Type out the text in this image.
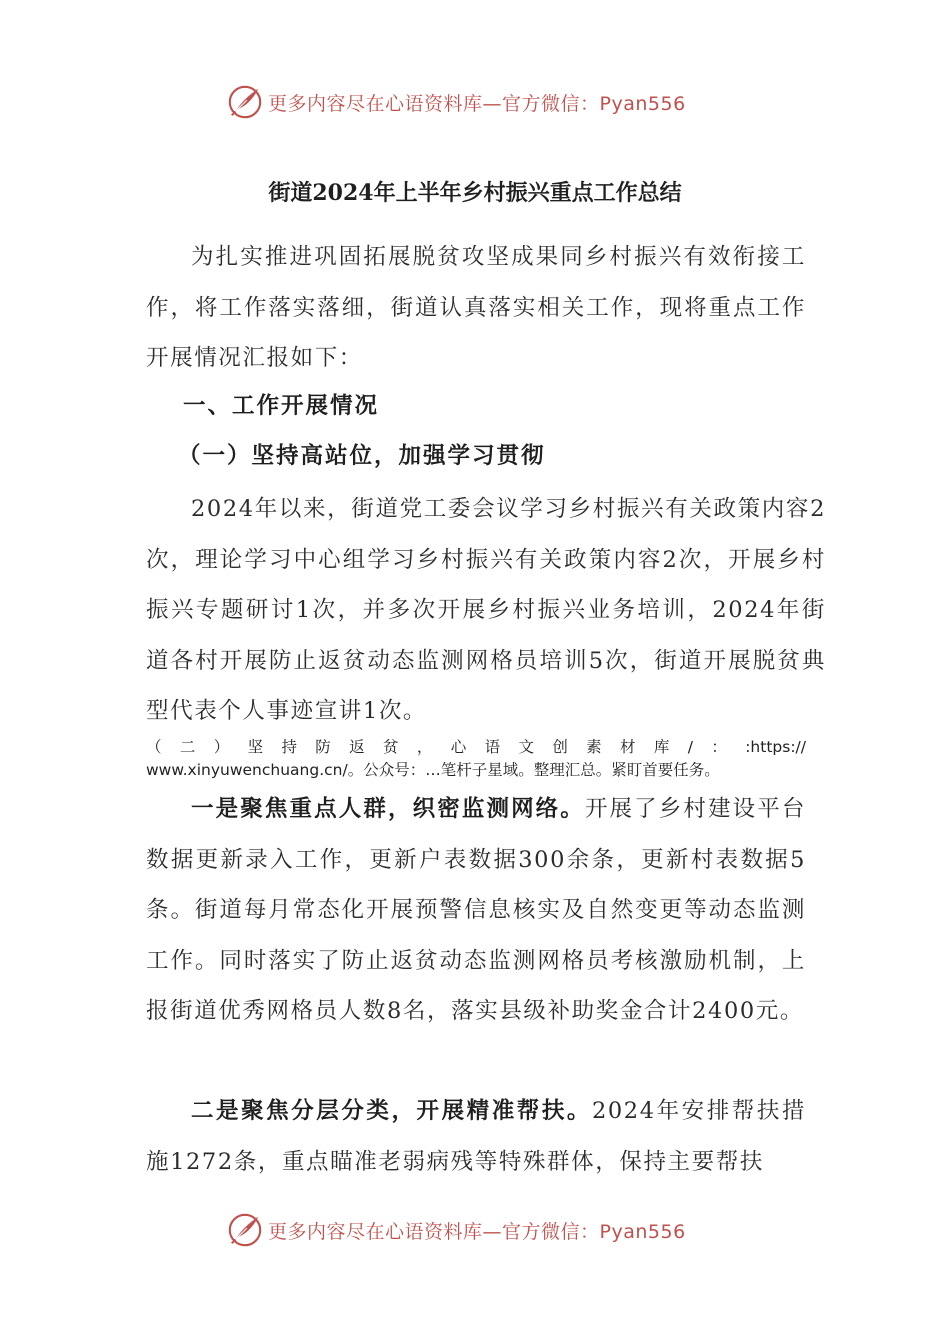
更多内容尽在心语资料库—官方微信：Pyan556
街道2024年上半年乡村振兴重点工作总结
为扎实推进巩固拓展脱贫攻坚成果同乡村振兴有效衔接工作，将工作落实落细，街道认真落实相关工作，现将重点工作开展情况汇报如下：
一、工作开展情况
（一）坚持高站位，加强学习贯彻
2024年以来，街道党工委会议学习乡村振兴有关政策内容2次，理论学习中心组学习乡村振兴有关政策内容2次，开展乡村振兴专题研讨1次，并多次开展乡村振兴业务培训，2024年街道各村开展防止返贫动态监测网格员培训5次，街道开展脱贫典型代表个人事迹宣讲1次。
（二）坚持防返贫，心语文创素材库/：:https://
www.xinyuwenchuang.cn/。公众号：…笔杆子星域。整理汇总。紧盯首要任务。
一是聚焦重点人群，织密监测网络。开展了乡村建设平台数据更新录入工作，更新户表数据300余条，更新村表数据5条。街道每月常态化开展预警信息核实及自然变更等动态监测工作。同时落实了防止返贫动态监测网格员考核激励机制，上报街道优秀网格员人数8名，落实县级补助奖金合计2400元。
二是聚焦分层分类，开展精准帮扶。2024年安排帮扶措施1272条，重点瞄准老弱病残等特殊群体，保持主要帮扶
更多内容尽在心语资料库—官方微信：Pyan556
